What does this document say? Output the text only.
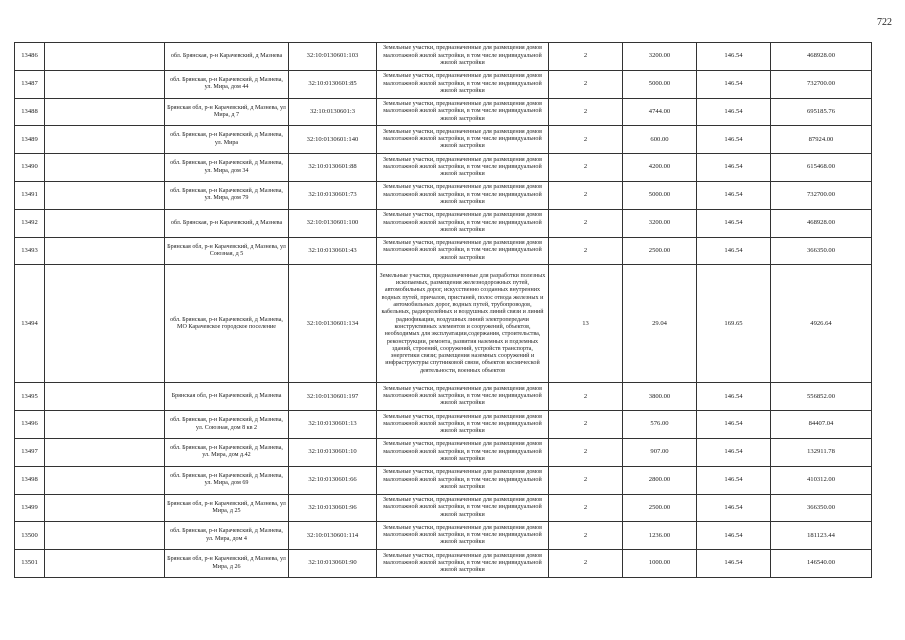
722
13486		обл. Брянская, р-н Карачевский, д Мазнева	32:10:0130601:103	Земельные участки, предназначенные для размещения домов малоэтажной жилой застройки, в том числе индивидуальной жилой застройки	2	3200.00	146.54	468928.00
13487		обл. Брянская, р-н Карачевский, д Мазнева, ул. Мира, дом 44	32:10:0130601:85	Земельные участки, предназначенные для размещения домов малоэтажной жилой застройки, в том числе индивидуальной жилой застройки	2	5000.00	146.54	732700.00
13488		Брянская обл, р-н Карачевский, д Мазнева, ул Мира, д 7	32:10:0130601:3	Земельные участки, предназначенные для размещения домов малоэтажной жилой застройки, в том числе индивидуальной жилой застройки	2	4744.00	146.54	695185.76
13489		обл. Брянская, р-н Карачевский, д Мазнева, ул. Мира	32:10:0130601:140	Земельные участки, предназначенные для размещения домов малоэтажной жилой застройки, в том числе индивидуальной жилой застройки	2	600.00	146.54	87924.00
13490		обл. Брянская, р-н Карачевский, д Мазнева, ул. Мира, дом 34	32:10:0130601:88	Земельные участки, предназначенные для размещения домов малоэтажной жилой застройки, в том числе индивидуальной жилой застройки	2	4200.00	146.54	615468.00
13491		обл. Брянская, р-н Карачевский, д Мазнева, ул. Мира, дом 79	32:10:0130601:73	Земельные участки, предназначенные для размещения домов малоэтажной жилой застройки, в том числе индивидуальной жилой застройки	2	5000.00	146.54	732700.00
13492		обл. Брянская, р-н Карачевский, д Мазнева	32:10:0130601:100	Земельные участки, предназначенные для размещения домов малоэтажной жилой застройки, в том числе индивидуальной жилой застройки	2	3200.00	146.54	468928.00
13493		Брянская обл, р-н Карачевский, д Мазнева, ул Союзная, д 5	32:10:0130601:43	Земельные участки, предназначенные для размещения домов малоэтажной жилой застройки, в том числе индивидуальной жилой застройки	2	2500.00	146.54	366350.00
13494		обл. Брянская, р-н Карачевский, д Мазнева, МО Карачевское городское поселение	32:10:0130601:134	Земельные участки, предназначенные для разработки полезных ископаемых, размещения железнодорожных путей, автомобильных дорог, искусственно созданных внутренних водных путей, причалов, пристаней, полос отвода железных и автомобильных дорог, водных путей, трубопроводов, кабельных, радиорелейных и воздушных линий связи и линий радиофикации, воздушных линий электропередачи конструктивных элементов и сооружений, объектов, необходимых для эксплуатации,содержания, строительства, реконструкции, ремонта, развития наземных и подземных зданий, строений, сооружений, устройств транспорта, энергетики связи; размещения наземных сооружений и инфраструктуры спутниковой связи, объектов космической деятельности, военных объектов	13	29.04	169.65	4926.64
13495		Брянская обл, р-н Карачевский, д Мазнева	32:10:0130601:197	Земельные участки, предназначенные для размещения домов малоэтажной жилой застройки, в том числе индивидуальной жилой застройки	2	3800.00	146.54	556852.00
13496		обл. Брянская, р-н Карачевский, д Мазнева, ул. Союзная, дом 8 кв 2	32:10:0130601:13	Земельные участки, предназначенные для размещения домов малоэтажной жилой застройки, в том числе индивидуальной жилой застройки	2	576.00	146.54	84407.04
13497		обл. Брянская, р-н Карачевский, д Мазнева, ул. Мира, дом д.42	32:10:0130601:10	Земельные участки, предназначенные для размещения домов малоэтажной жилой застройки, в том числе индивидуальной жилой застройки	2	907.00	146.54	132911.78
13498		обл. Брянская, р-н Карачевский, д Мазнева, ул. Мира, дом 69	32:10:0130601:66	Земельные участки, предназначенные для размещения домов малоэтажной жилой застройки, в том числе индивидуальной жилой застройки	2	2800.00	146.54	410312.00
13499		Брянская обл, р-н Карачевский, д Мазнева, ул Мира, д 25	32:10:0130601:96	Земельные участки, предназначенные для размещения домов малоэтажной жилой застройки, в том числе индивидуальной жилой застройки	2	2500.00	146.54	366350.00
13500		обл. Брянская, р-н Карачевский, д Мазнева, ул. Мира, дом 4	32:10:0130601:114	Земельные участки, предназначенные для размещения домов малоэтажной жилой застройки, в том числе индивидуальной жилой застройки	2	1236.00	146.54	181123.44
13501		Брянская обл, р-н Карачевский, д Мазнева, ул Мира, д 26	32:10:0130601:90	Земельные участки, предназначенные для размещения домов малоэтажной жилой застройки, в том числе индивидуальной жилой застройки	2	1000.00	146.54	146540.00
